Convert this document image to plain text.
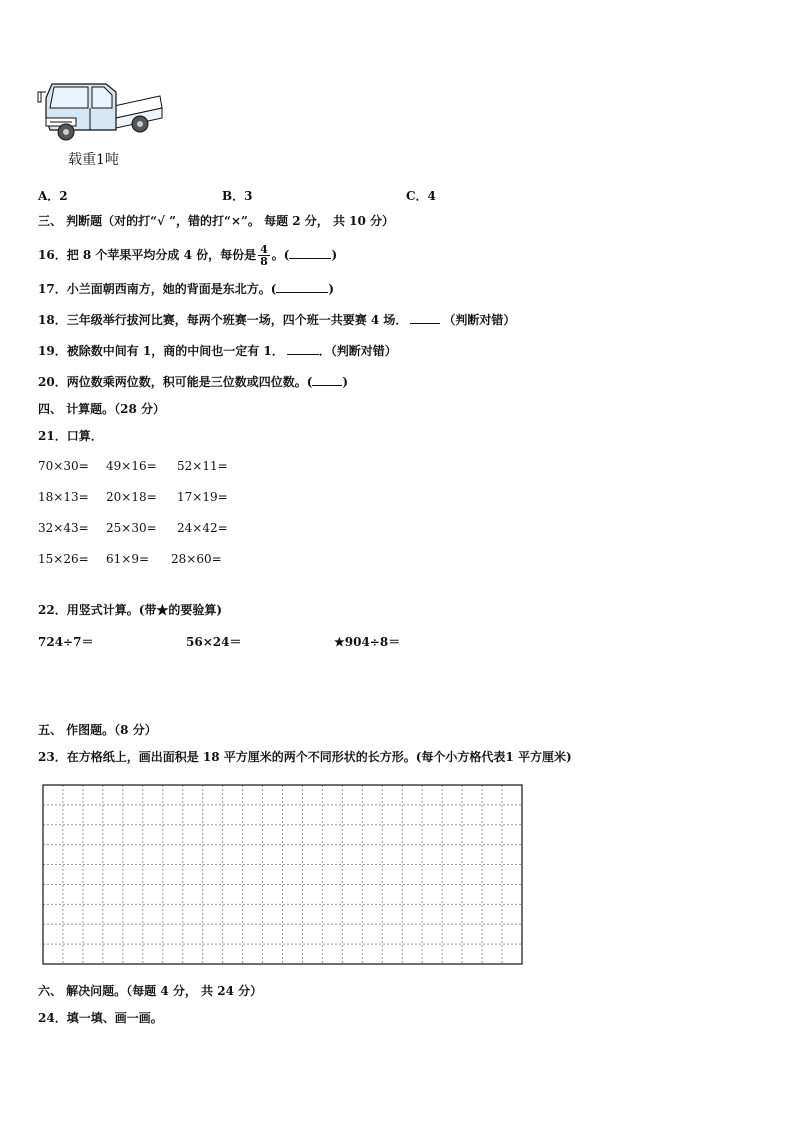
载重1吨
A．2	B．3	C．4
三、 判断题（对的打“√ ”，错的打“×”。 每题 2 分， 共 10 分）
16．把 8 个苹果平均分成 4 份，每份是 $\frac{4}{8}$ 。(	)
17．小兰面朝西南方，她的背面是东北方。(	)
18．三年级举行拔河比赛，每两个班赛一场，四个班一共要赛 4 场．	（判断对错）
19．被除数中间有 1，商的中间也一定有 1．	．（判断对错）
20．两位数乘两位数，积可能是三位数或四位数。(	)
四、 计算题。（28 分）
21．口算．
70×30= 49×16= 52×11=
18×13= 20×18= 17×19=
32×43= 25×30= 24×42=
15×26= 61×9= 28×60=
22．用竖式计算。(带★的要验算)
724÷7＝	56×24＝	★904÷8＝
五、 作图题。（8 分）
23．在方格纸上，画出面积是 18 平方厘米的两个不同形状的长方形。(每个小方格代表1 平方厘米)
六、 解决问题。（每题 4 分， 共 24 分）
24．填一填、画一画。
